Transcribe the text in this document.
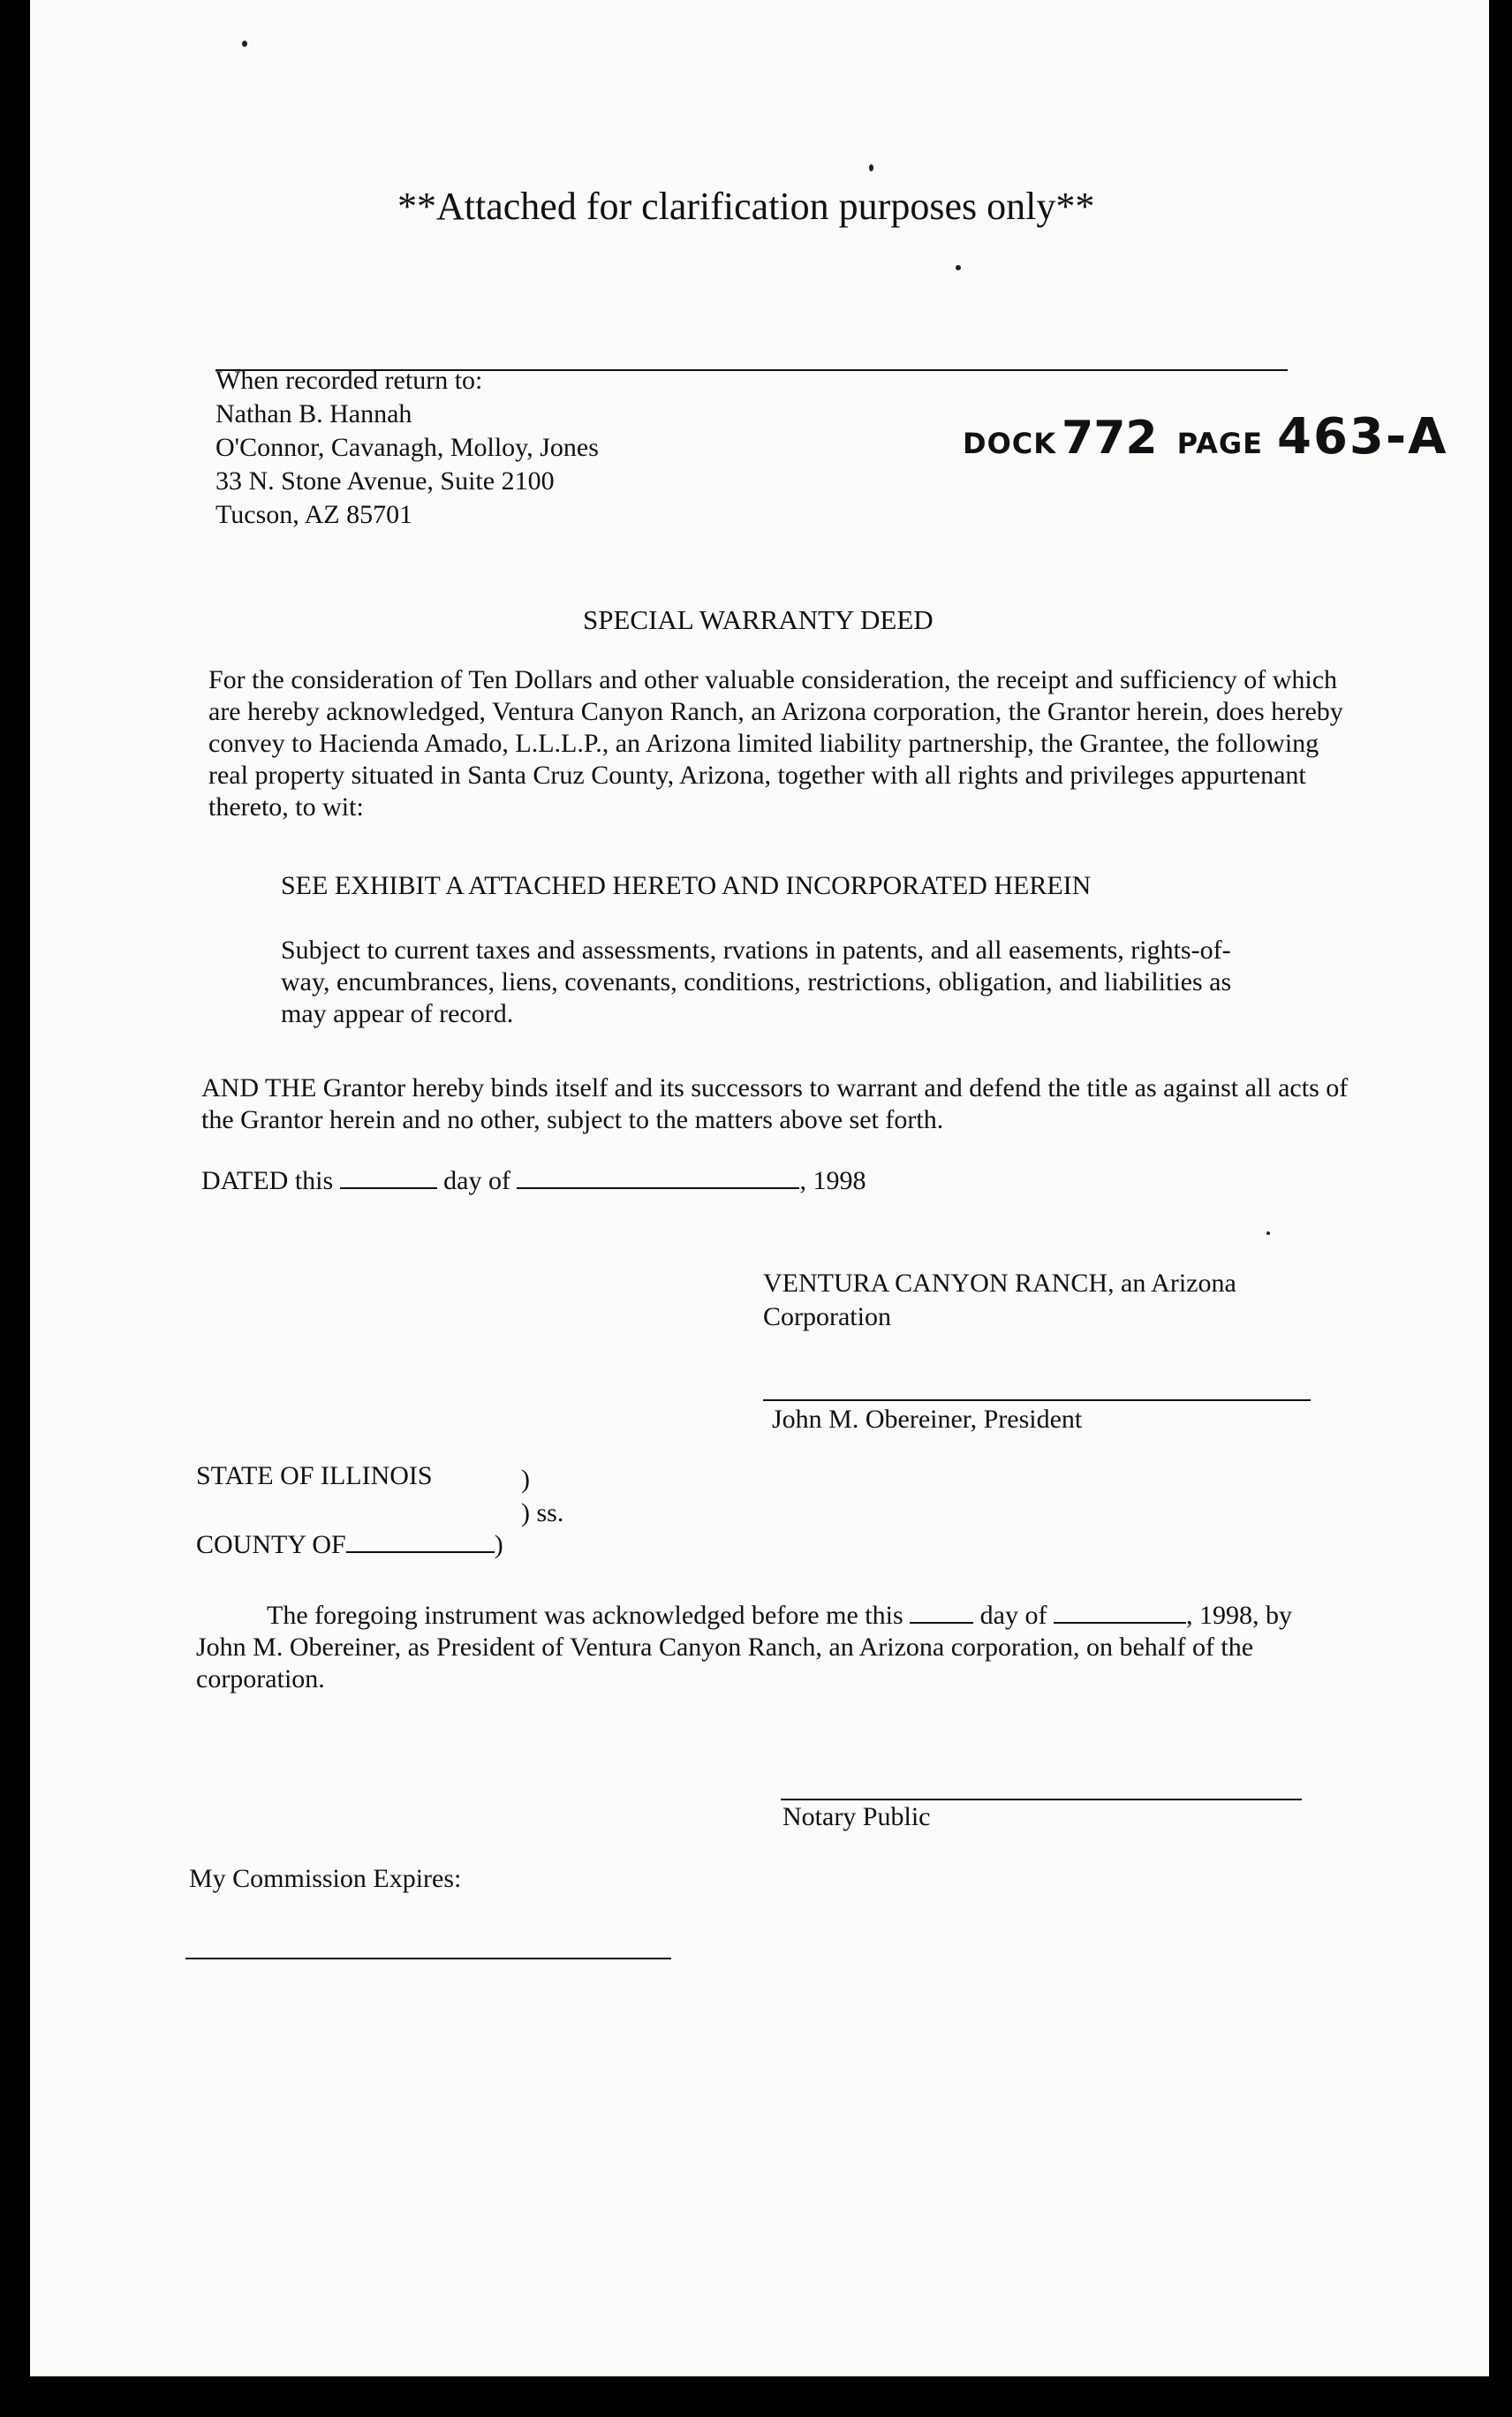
**Attached for clarification purposes only**
When recorded return to:
Nathan B. Hannah
O'Connor, Cavanagh, Molloy, Jones
33 N. Stone Avenue, Suite 2100
Tucson, AZ 85701
DOCK 772 PAGE 463-A
SPECIAL WARRANTY DEED
For the consideration of Ten Dollars and other valuable consideration, the receipt and sufficiency of which are hereby acknowledged, Ventura Canyon Ranch, an Arizona corporation, the Grantor herein, does hereby convey to Hacienda Amado, L.L.L.P., an Arizona limited liability partnership, the Grantee, the following real property situated in Santa Cruz County, Arizona, together with all rights and privileges appurtenant thereto, to wit:
SEE EXHIBIT A ATTACHED HERETO AND INCORPORATED HEREIN
Subject to current taxes and assessments, rvations in patents, and all easements, rights-of-way, encumbrances, liens, covenants, conditions, restrictions, obligation, and liabilities as may appear of record.
AND THE Grantor hereby binds itself and its successors to warrant and defend the title as against all acts of the Grantor herein and no other, subject to the matters above set forth.
DATED this	day of	, 1998
VENTURA CANYON RANCH, an Arizona
Corporation
John M. Obereiner, President
STATE OF ILLINOIS	)
) ss.
COUNTY OF	)
The foregoing instrument was acknowledged before me this	day of	, 1998, by John M. Obereiner, as President of Ventura Canyon Ranch, an Arizona corporation, on behalf of the corporation.
Notary Public
My Commission Expires:
